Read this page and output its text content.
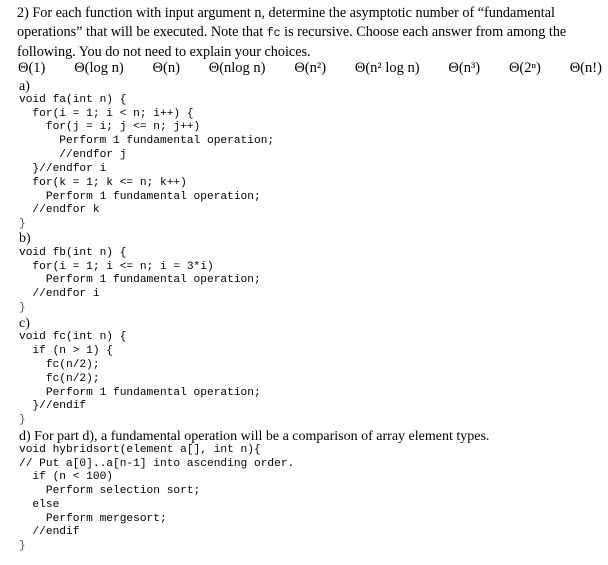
2) For each function with input argument n, determine the asymptotic number of “fundamental
operations” that will be executed. Note that fc is recursive. Choose each answer from among the
following. You do not need to explain your choices.
Θ(1) Θ(log n) Θ(n) Θ(nlog n) Θ(n²) Θ(n² log n) Θ(n³) Θ(2ⁿ) Θ(n!)
a)
void fa(int n) {
for(i = 1; i < n; i++) {
for(j = i; j <= n; j++)
Perform 1 fundamental operation;
//endfor j
}//endfor i
for(k = 1; k <= n; k++)
Perform 1 fundamental operation;
//endfor k
}
b)
void fb(int n) {
for(i = 1; i <= n; i = 3*i)
Perform 1 fundamental operation;
//endfor i
}
c)
void fc(int n) {
if (n > 1) {
fc(n/2);
fc(n/2);
Perform 1 fundamental operation;
}//endif
}
d) For part d), a fundamental operation will be a comparison of array element types.
void hybridsort(element a[], int n){
// Put a[0]..a[n-1] into ascending order.
if (n < 100)
Perform selection sort;
else
Perform mergesort;
//endif
}
